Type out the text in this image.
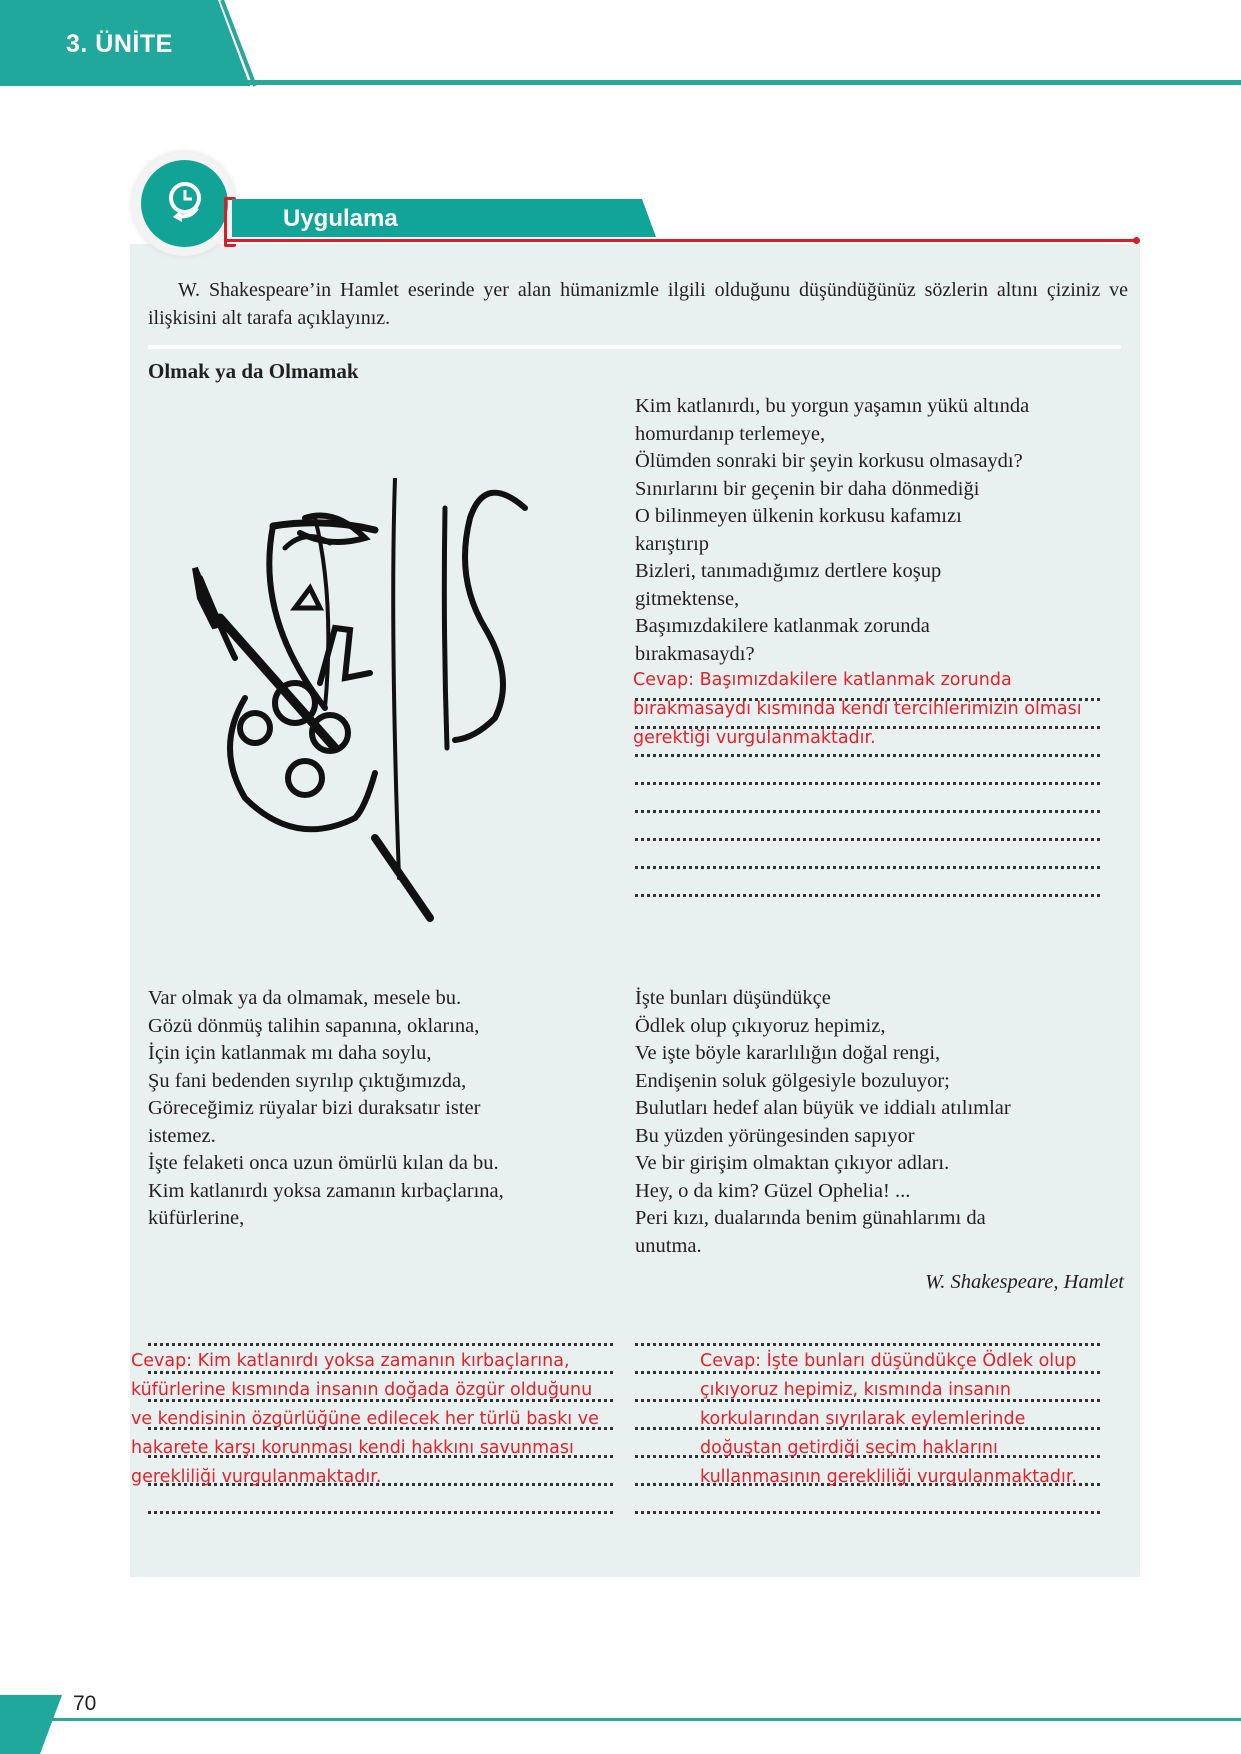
3. ÜNİTE
Uygulama
W. Shakespeare’in Hamlet eserinde yer alan hümanizmle ilgili olduğunu düşündüğünüz sözlerin altını çiziniz ve ilişkisini alt tarafa açıklayınız.
Olmak ya da Olmamak
Kim katlanırdı, bu yorgun yaşamın yükü altında
homurdanıp terlemeye,
Ölümden sonraki bir şeyin korkusu olmasaydı?
Sınırlarını bir geçenin bir daha dönmediği
O bilinmeyen ülkenin korkusu kafamızı
karıştırıp
Bizleri, tanımadığımız dertlere koşup
gitmektense,
Başımızdakilere katlanmak zorunda
bırakmasaydı?
Cevap: Başımızdakilere katlanmak zorunda
bırakmasaydı kısmında kendi tercihlerimizin olması
gerektiği vurgulanmaktadır.
Var olmak ya da olmamak, mesele bu.
Gözü dönmüş talihin sapanına, oklarına,
İçin için katlanmak mı daha soylu,
Şu fani bedenden sıyrılıp çıktığımızda,
Göreceğimiz rüyalar bizi duraksatır ister
istemez.
İşte felaketi onca uzun ömürlü kılan da bu.
Kim katlanırdı yoksa zamanın kırbaçlarına,
küfürlerine,
İşte bunları düşündükçe
Ödlek olup çıkıyoruz hepimiz,
Ve işte böyle kararlılığın doğal rengi,
Endişenin soluk gölgesiyle bozuluyor;
Bulutları hedef alan büyük ve iddialı atılımlar
Bu yüzden yörüngesinden sapıyor
Ve bir girişim olmaktan çıkıyor adları.
Hey, o da kim? Güzel Ophelia! ...
Peri kızı, dualarında benim günahlarımı da
unutma.
W. Shakespeare, Hamlet
Cevap: Kim katlanırdı yoksa zamanın kırbaçlarına,
küfürlerine kısmında insanın doğada özgür olduğunu
ve kendisinin özgürlüğüne edilecek her türlü baskı ve
hakarete karşı korunması kendi hakkını savunması
gerekliliği vurgulanmaktadır.
Cevap: İşte bunları düşündükçe Ödlek olup
çıkıyoruz hepimiz, kısmında insanın
korkularından sıyrılarak eylemlerinde
doğuştan getirdiği seçim haklarını
kullanmasının gerekliliği vurgulanmaktadır.
70
